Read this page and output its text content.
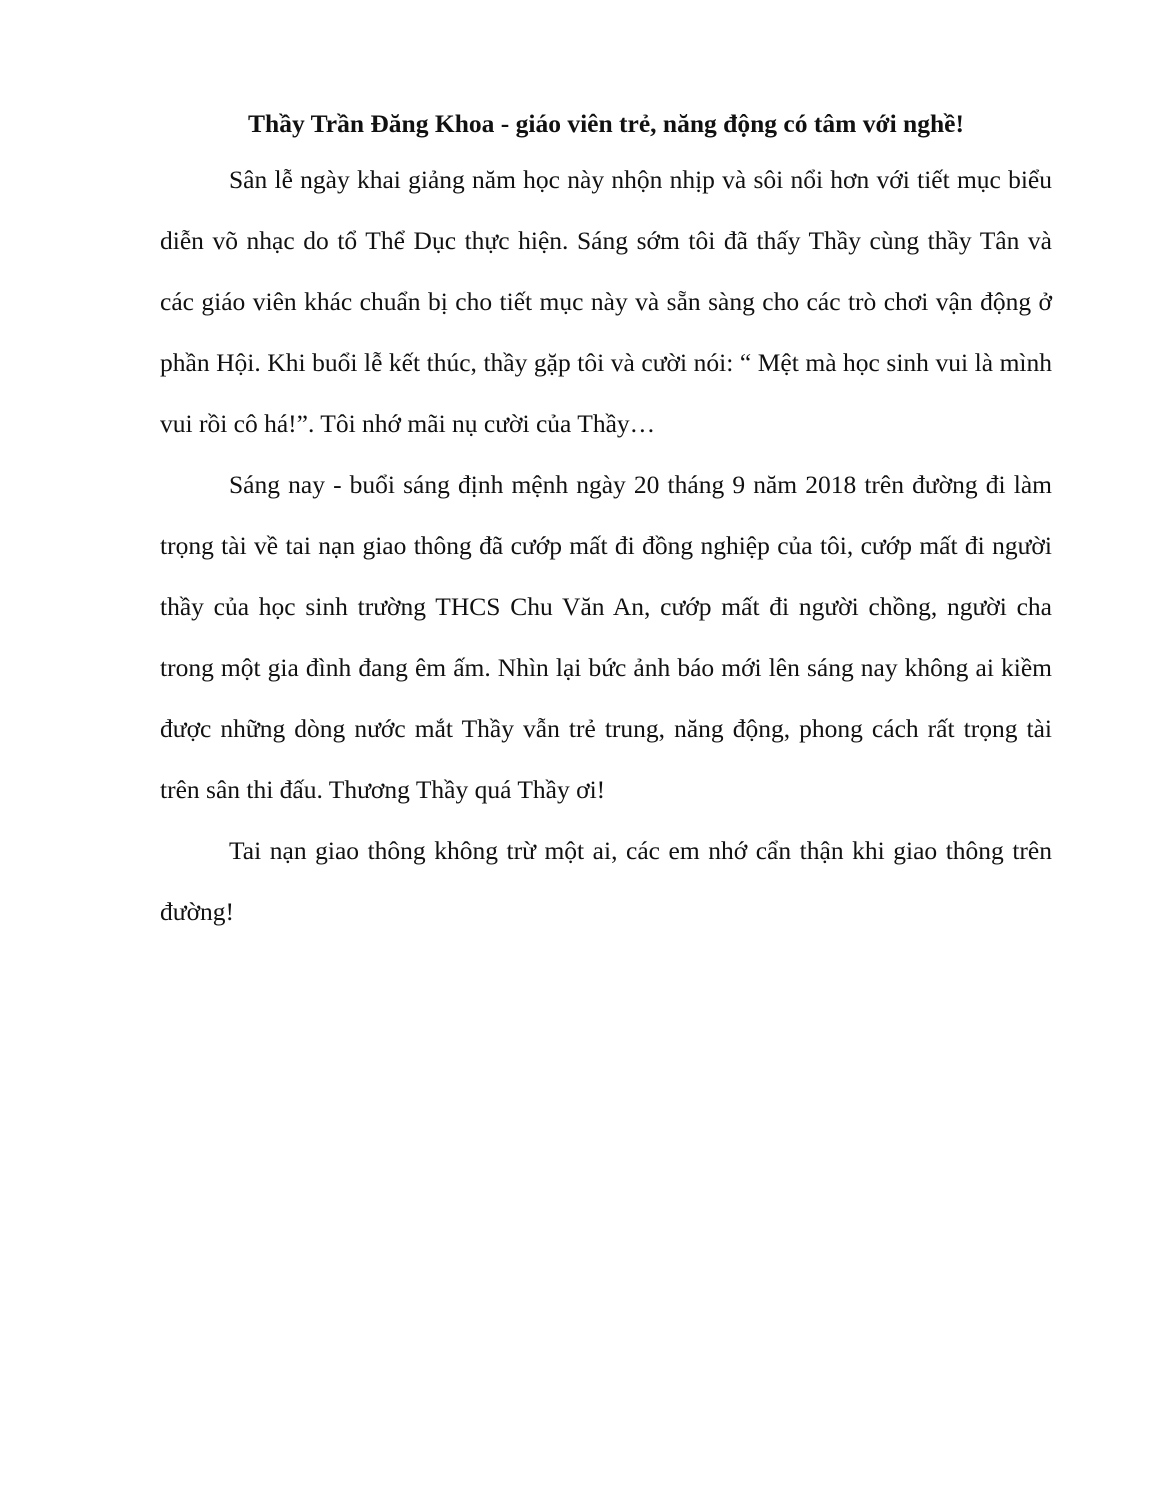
Thầy Trần Đăng Khoa - giáo viên trẻ, năng động có tâm với nghề!

Sân lễ ngày khai giảng năm học này nhộn nhịp và sôi nổi hơn với tiết mục biểu diễn võ nhạc do tổ Thể Dục thực hiện. Sáng sớm tôi đã thấy Thầy cùng thầy Tân và các giáo viên khác chuẩn bị cho tiết mục này và sẵn sàng cho các trò chơi vận động ở phần Hội. Khi buổi lễ kết thúc, thầy gặp tôi và cười nói: “ Mệt mà học sinh vui là mình vui rồi cô há!”. Tôi nhớ mãi nụ cười của Thầy…

Sáng nay - buổi sáng định mệnh ngày 20 tháng 9 năm 2018 trên đường đi làm trọng tài về tai nạn giao thông đã cướp mất đi đồng nghiệp của tôi, cướp mất đi người thầy của học sinh trường THCS Chu Văn An, cướp mất đi người chồng, người cha trong một gia đình đang êm ấm. Nhìn lại bức ảnh báo mới lên sáng nay không ai kiềm được những dòng nước mắt Thầy vẫn trẻ trung, năng động, phong cách rất trọng tài trên sân thi đấu. Thương Thầy quá Thầy ơi!

Tai nạn giao thông không trừ một ai, các em nhớ cẩn thận khi giao thông trên đường!
